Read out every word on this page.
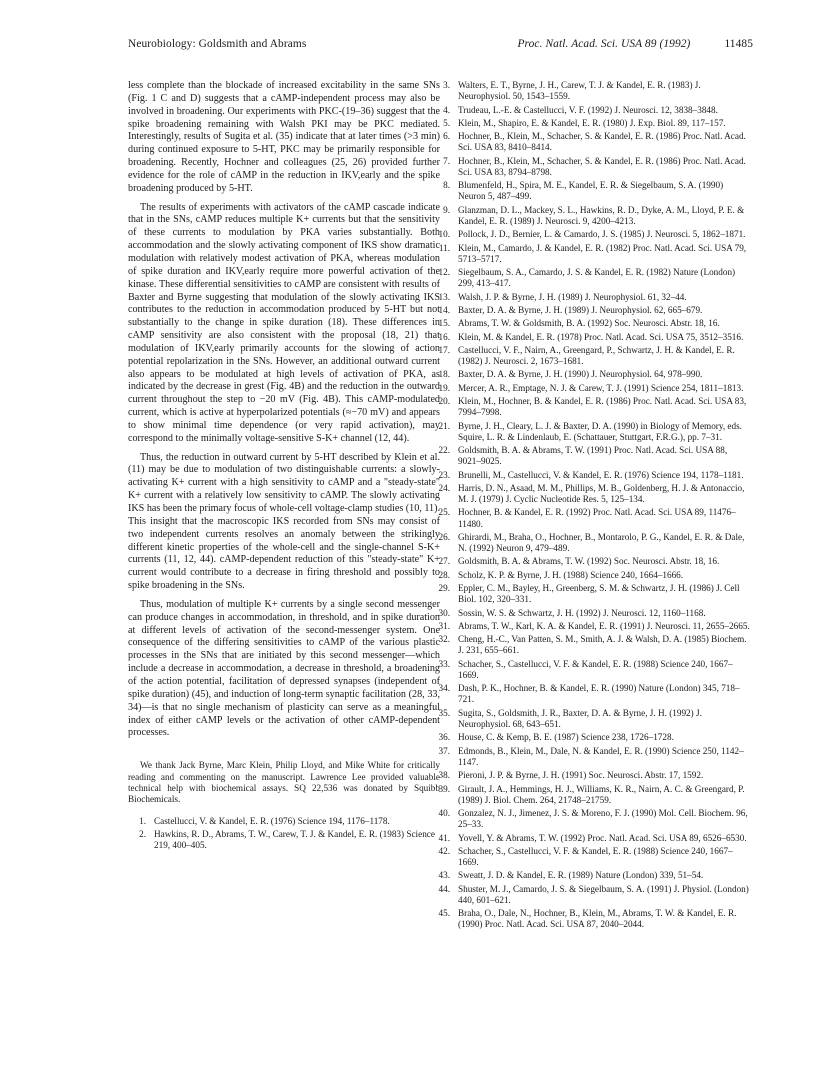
Neurobiology: Goldsmith and Abrams	Proc. Natl. Acad. Sci. USA 89 (1992)	11485

less complete than the blockade of increased excitability in the same SNs (Fig. 1 C and D) suggests that a cAMP-independent process may also be involved in broadening. Our experiments with PKC-(19–36) suggest that the spike broadening remaining with Walsh PKI may be PKC mediated. Interestingly, results of Sugita et al. (35) indicate that at later times (>3 min) during continued exposure to 5-HT, PKC may be primarily responsible for broadening. Recently, Hochner and colleagues (25, 26) provided further evidence for the role of cAMP in the reduction in IKV,early and the spike broadening produced by 5-HT.

The results of experiments with activators of the cAMP cascade indicate that in the SNs, cAMP reduces multiple K+ currents but that the sensitivity of these currents to modulation by PKA varies substantially. Both accommodation and the slowly activating component of IKS show dramatic modulation with relatively modest activation of PKA, whereas modulation of spike duration and IKV,early require more powerful activation of the kinase. These differential sensitivities to cAMP are consistent with results of Baxter and Byrne suggesting that modulation of the slowly activating IKS contributes to the reduction in accommodation produced by 5-HT but not substantially to the change in spike duration (18). These differences in cAMP sensitivity are also consistent with the proposal (18, 21) that modulation of IKV,early primarily accounts for the slowing of action potential repolarization in the SNs. However, an additional outward current also appears to be modulated at high levels of activation of PKA, as indicated by the decrease in grest (Fig. 4B) and the reduction in the outward current throughout the step to −20 mV (Fig. 4B). This cAMP-modulated current, which is active at hyperpolarized potentials (≈−70 mV) and appears to show minimal time dependence (or very rapid activation), may correspond to the minimally voltage-sensitive S-K+ channel (12, 44).

Thus, the reduction in outward current by 5-HT described by Klein et al. (11) may be due to modulation of two distinguishable currents: a slowly-activating K+ current with a high sensitivity to cAMP and a "steady-state" K+ current with a relatively low sensitivity to cAMP. The slowly activating IKS has been the primary focus of whole-cell voltage-clamp studies (10, 11). This insight that the macroscopic IKS recorded from SNs may consist of two independent currents resolves an anomaly between the strikingly different kinetic properties of the whole-cell and the single-channel S-K+ currents (11, 12, 44). cAMP-dependent reduction of this "steady-state" K+ current would contribute to a decrease in firing threshold and possibly to spike broadening in the SNs.

Thus, modulation of multiple K+ currents by a single second messenger can produce changes in accommodation, in threshold, and in spike duration at different levels of activation of the second-messenger system. One consequence of the differing sensitivities to cAMP of the various plastic processes in the SNs that are initiated by this second messenger—which include a decrease in accommodation, a decrease in threshold, a broadening of the action potential, facilitation of depressed synapses (independent of spike duration) (45), and induction of long-term synaptic facilitation (28, 33, 34)—is that no single mechanism of plasticity can serve as a meaningful index of either cAMP levels or the activation of other cAMP-dependent processes.

We thank Jack Byrne, Marc Klein, Philip Lloyd, and Mike White for critically reading and commenting on the manuscript. Lawrence Lee provided valuable technical help with biochemical assays. SQ 22,536 was donated by Squibb Biochemicals.

1. Castellucci, V. & Kandel, E. R. (1976) Science 194, 1176–1178.
2. Hawkins, R. D., Abrams, T. W., Carew, T. J. & Kandel, E. R. (1983) Science 219, 400–405.
3. Walters, E. T., Byrne, J. H., Carew, T. J. & Kandel, E. R. (1983) J. Neurophysiol. 50, 1543–1559.
4. Trudeau, L.-E. & Castellucci, V. F. (1992) J. Neurosci. 12, 3838–3848.
5. Klein, M., Shapiro, E. & Kandel, E. R. (1980) J. Exp. Biol. 89, 117–157.
6. Hochner, B., Klein, M., Schacher, S. & Kandel, E. R. (1986) Proc. Natl. Acad. Sci. USA 83, 8410–8414.
7. Hochner, B., Klein, M., Schacher, S. & Kandel, E. R. (1986) Proc. Natl. Acad. Sci. USA 83, 8794–8798.
8. Blumenfeld, H., Spira, M. E., Kandel, E. R. & Siegelbaum, S. A. (1990) Neuron 5, 487–499.
9. Glanzman, D. L., Mackey, S. L., Hawkins, R. D., Dyke, A. M., Lloyd, P. E. & Kandel, E. R. (1989) J. Neurosci. 9, 4200–4213.
10. Pollock, J. D., Bernier, L. & Camardo, J. S. (1985) J. Neurosci. 5, 1862–1871.
11. Klein, M., Camardo, J. & Kandel, E. R. (1982) Proc. Natl. Acad. Sci. USA 79, 5713–5717.
12. Siegelbaum, S. A., Camardo, J. S. & Kandel, E. R. (1982) Nature (London) 299, 413–417.
13. Walsh, J. P. & Byrne, J. H. (1989) J. Neurophysiol. 61, 32–44.
14. Baxter, D. A. & Byrne, J. H. (1989) J. Neurophysiol. 62, 665–679.
15. Abrams, T. W. & Goldsmith, B. A. (1992) Soc. Neurosci. Abstr. 18, 16.
16. Klein, M. & Kandel, E. R. (1978) Proc. Natl. Acad. Sci. USA 75, 3512–3516.
17. Castellucci, V. F., Nairn, A., Greengard, P., Schwartz, J. H. & Kandel, E. R. (1982) J. Neurosci. 2, 1673–1681.
18. Baxter, D. A. & Byrne, J. H. (1990) J. Neurophysiol. 64, 978–990.
19. Mercer, A. R., Emptage, N. J. & Carew, T. J. (1991) Science 254, 1811–1813.
20. Klein, M., Hochner, B. & Kandel, E. R. (1986) Proc. Natl. Acad. Sci. USA 83, 7994–7998.
21. Byrne, J. H., Cleary, L. J. & Baxter, D. A. (1990) in Biology of Memory, eds. Squire, L. R. & Lindenlaub, E. (Schattauer, Stuttgart, F.R.G.), pp. 7–31.
22. Goldsmith, B. A. & Abrams, T. W. (1991) Proc. Natl. Acad. Sci. USA 88, 9021–9025.
23. Brunelli, M., Castellucci, V. & Kandel, E. R. (1976) Science 194, 1178–1181.
24. Harris, D. N., Asaad, M. M., Phillips, M. B., Goldenberg, H. J. & Antonaccio, M. J. (1979) J. Cyclic Nucleotide Res. 5, 125–134.
25. Hochner, B. & Kandel, E. R. (1992) Proc. Natl. Acad. Sci. USA 89, 11476–11480.
26. Ghirardi, M., Braha, O., Hochner, B., Montarolo, P. G., Kandel, E. R. & Dale, N. (1992) Neuron 9, 479–489.
27. Goldsmith, B. A. & Abrams, T. W. (1992) Soc. Neurosci. Abstr. 18, 16.
28. Scholz, K. P. & Byrne, J. H. (1988) Science 240, 1664–1666.
29. Eppler, C. M., Bayley, H., Greenberg, S. M. & Schwartz, J. H. (1986) J. Cell Biol. 102, 320–331.
30. Sossin, W. S. & Schwartz, J. H. (1992) J. Neurosci. 12, 1160–1168.
31. Abrams, T. W., Karl, K. A. & Kandel, E. R. (1991) J. Neurosci. 11, 2655–2665.
32. Cheng, H.-C., Van Patten, S. M., Smith, A. J. & Walsh, D. A. (1985) Biochem. J. 231, 655–661.
33. Schacher, S., Castellucci, V. F. & Kandel, E. R. (1988) Science 240, 1667–1669.
34. Dash, P. K., Hochner, B. & Kandel, E. R. (1990) Nature (London) 345, 718–721.
35. Sugita, S., Goldsmith, J. R., Baxter, D. A. & Byrne, J. H. (1992) J. Neurophysiol. 68, 643–651.
36. House, C. & Kemp, B. E. (1987) Science 238, 1726–1728.
37. Edmonds, B., Klein, M., Dale, N. & Kandel, E. R. (1990) Science 250, 1142–1147.
38. Pieroni, J. P. & Byrne, J. H. (1991) Soc. Neurosci. Abstr. 17, 1592.
39. Girault, J. A., Hemmings, H. J., Williams, K. R., Nairn, A. C. & Greengard, P. (1989) J. Biol. Chem. 264, 21748–21759.
40. Gonzalez, N. J., Jimenez, J. S. & Moreno, F. J. (1990) Mol. Cell. Biochem. 96, 25–33.
41. Yovell, Y. & Abrams, T. W. (1992) Proc. Natl. Acad. Sci. USA 89, 6526–6530.
42. Schacher, S., Castellucci, V. F. & Kandel, E. R. (1988) Science 240, 1667–1669.
43. Sweatt, J. D. & Kandel, E. R. (1989) Nature (London) 339, 51–54.
44. Shuster, M. J., Camardo, J. S. & Siegelbaum, S. A. (1991) J. Physiol. (London) 440, 601–621.
45. Braha, O., Dale, N., Hochner, B., Klein, M., Abrams, T. W. & Kandel, E. R. (1990) Proc. Natl. Acad. Sci. USA 87, 2040–2044.
